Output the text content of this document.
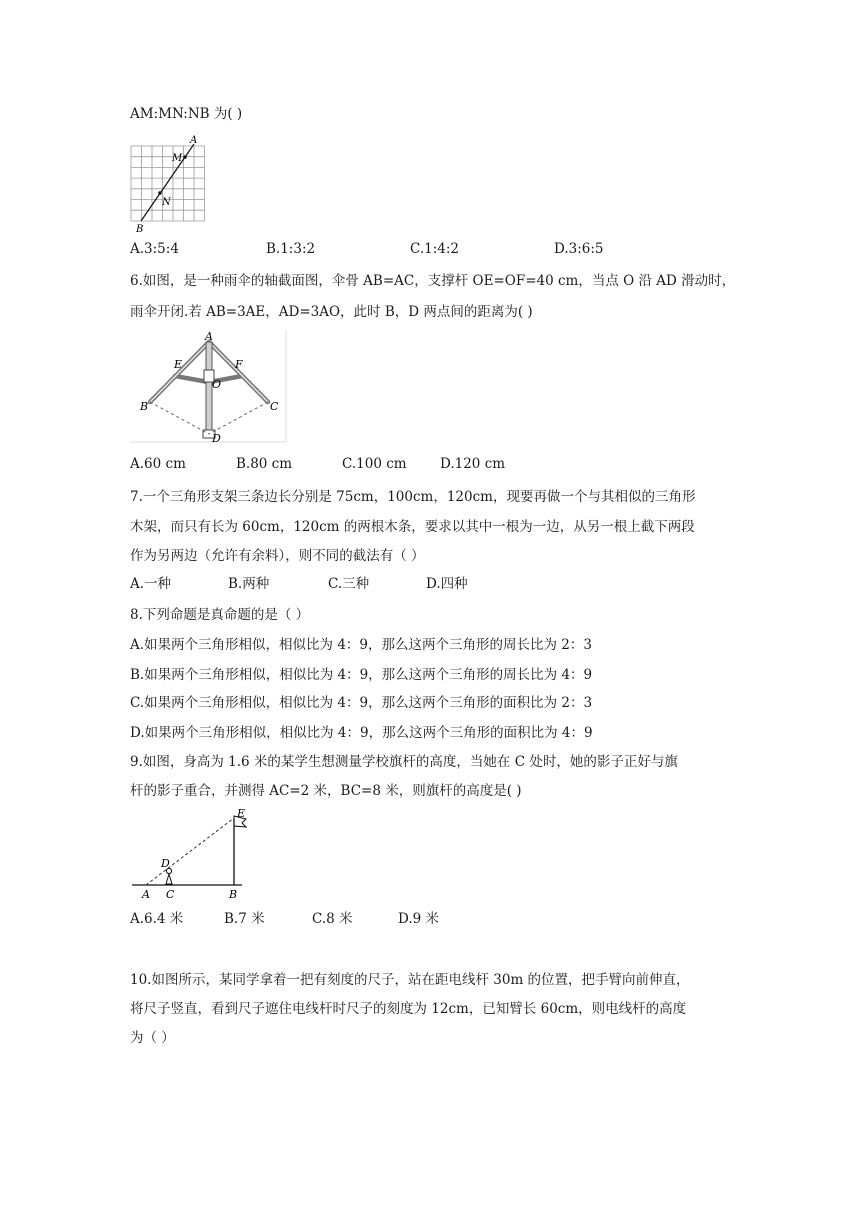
AM:MN:NB 为( )
A
M
N
B
A.3:5:4	B.1:3:2	C.1:4:2	D.3:6:5
6.如图，是一种雨伞的轴截面图，伞骨 AB=AC，支撑杆 OE=OF=40 cm，当点 O 沿 AD 滑动时，
雨伞开闭.若 AB=3AE，AD=3AO，此时 B，D 两点间的距离为( )
A
E	F
O
B	C
D
A.60 cm	B.80 cm	C.100 cm D.120 cm
7.一个三角形支架三条边长分别是 75cm，100cm，120cm，现要再做一个与其相似的三角形
木架，而只有长为 60cm，120cm 的两根木条，要求以其中一根为一边，从另一根上截下两段
作为另两边（允许有余料），则不同的截法有（ ）
A.一种	B.两种	C.三种	D.四种
8.下列命题是真命题的是（ ）
A.如果两个三角形相似，相似比为 4：9，那么这两个三角形的周长比为 2：3
B.如果两个三角形相似，相似比为 4：9，那么这两个三角形的周长比为 4：9
C.如果两个三角形相似，相似比为 4：9，那么这两个三角形的面积比为 2：3
D.如果两个三角形相似，相似比为 4：9，那么这两个三角形的面积比为 4：9
9.如图，身高为 1.6 米的某学生想测量学校旗杆的高度，当她在 C 处时，她的影子正好与旗
杆的影子重合，并测得 AC=2 米，BC=8 米，则旗杆的高度是( )
E
D
A C	B
A.6.4 米	B.7 米	C.8 米	D.9 米
10.如图所示，某同学拿着一把有刻度的尺子，站在距电线杆 30m 的位置，把手臂向前伸直，
将尺子竖直，看到尺子遮住电线杆时尺子的刻度为 12cm，已知臂长 60cm，则电线杆的高度
为（ ）
